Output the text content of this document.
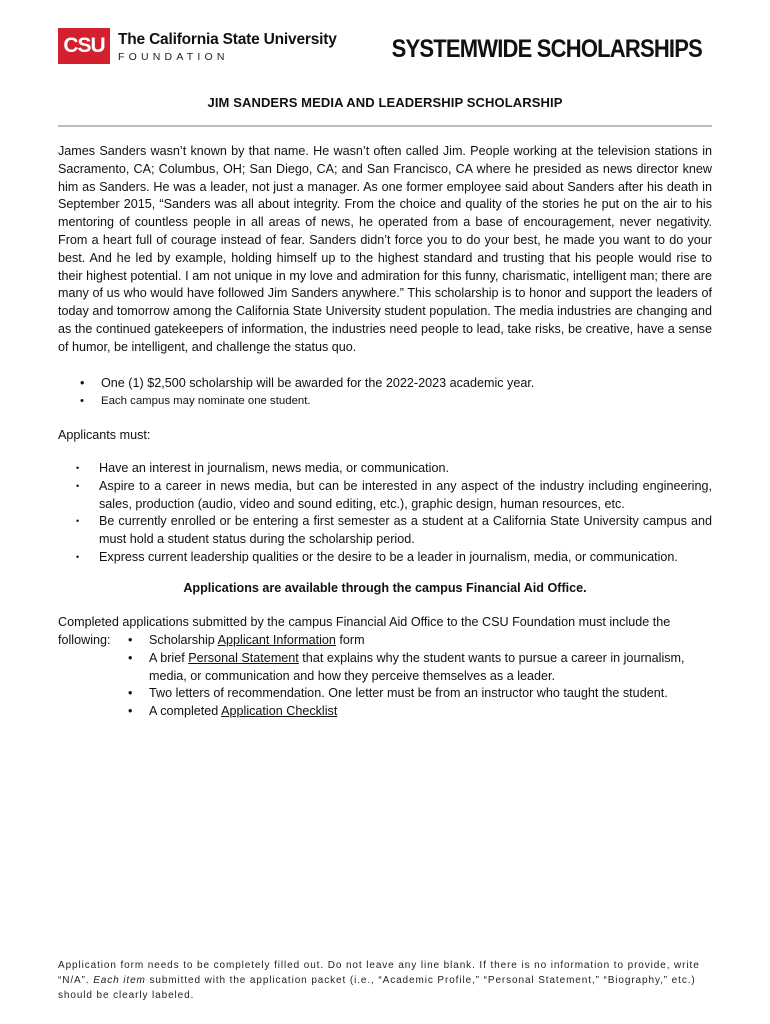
CSU The California State University
FOUNDATION	SYSTEMWIDE SCHOLARSHIPS
JIM SANDERS MEDIA AND LEADERSHIP SCHOLARSHIP

James Sanders wasn’t known by that name. He wasn’t often called Jim. People working at the television stations in Sacramento, CA; Columbus, OH; San Diego, CA; and San Francisco, CA where he presided as news director knew him as Sanders. He was a leader, not just a manager. As one former employee said about Sanders after his death in September 2015, “Sanders was all about integrity. From the choice and quality of the stories he put on the air to his mentoring of countless people in all areas of news, he operated from a base of encouragement, never negativity. From a heart full of courage instead of fear. Sanders didn’t force you to do your best, he made you want to do your best. And he led by example, holding himself up to the highest standard and trusting that his people would rise to their highest potential. I am not unique in my love and admiration for this funny, charismatic, intelligent man; there are many of us who would have followed Jim Sanders anywhere.” This scholarship is to honor and support the leaders of today and tomorrow among the California State University student population. The media industries are changing and as the continued gatekeepers of information, the industries need people to lead, take risks, be creative, have a sense of humor, be intelligent, and challenge the status quo.

• One (1) $2,500 scholarship will be awarded for the 2022-2023 academic year.
• Each campus may nominate one student.
Applicants must:
• Have an interest in journalism, news media, or communication.
• Aspire to a career in news media, but can be interested in any aspect of the industry including engineering, sales, production (audio, video and sound editing, etc.), graphic design, human resources, etc.
• Be currently enrolled or be entering a first semester as a student at a California State University campus and must hold a student status during the scholarship period.
• Express current leadership qualities or the desire to be a leader in journalism, media, or communication.
Applications are available through the campus Financial Aid Office.
Completed applications submitted by the campus Financial Aid Office to the CSU Foundation must include the following:
•	Scholarship Applicant Information form
• A brief Personal Statement that explains why the student wants to pursue a career in journalism, media, or communication and how they perceive themselves as a leader.
• Two letters of recommendation. One letter must be from an instructor who taught the student.
• A completed Application Checklist
Application form needs to be completely filled out. Do not leave any line blank. If there is no information to provide, write “N/A”. Each item submitted with the application packet (i.e., “Academic Profile,” “Personal Statement,” “Biography,” etc.) should be clearly labeled.
